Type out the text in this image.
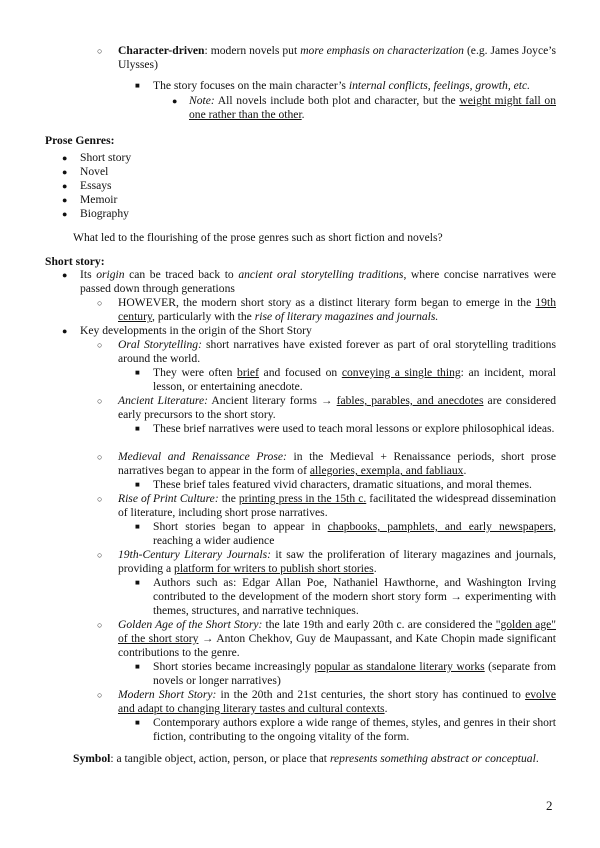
○ Character-driven: modern novels put more emphasis on characterization (e.g. James Joyce’s Ulysses)
■ The story focuses on the main character’s internal conflicts, feelings, growth, etc.
● Note: All novels include both plot and character, but the weight might fall on one rather than the other.
Prose Genres:
● Short story
● Novel
● Essays
● Memoir
● Biography
What led to the flourishing of the prose genres such as short fiction and novels?
Short story:
● Its origin can be traced back to ancient oral storytelling traditions, where concise narratives were passed down through generations
○ HOWEVER, the modern short story as a distinct literary form began to emerge in the 19th century, particularly with the rise of literary magazines and journals.
● Key developments in the origin of the Short Story
○ Oral Storytelling: short narratives have existed forever as part of oral storytelling traditions around the world.
■ They were often brief and focused on conveying a single thing: an incident, moral lesson, or entertaining anecdote.
○ Ancient Literature: Ancient literary forms → fables, parables, and anecdotes are considered early precursors to the short story.
■ These brief narratives were used to teach moral lessons or explore philosophical ideas.
○ Medieval and Renaissance Prose: in the Medieval + Renaissance periods, short prose narratives began to appear in the form of allegories, exempla, and fabliaux.
■ These brief tales featured vivid characters, dramatic situations, and moral themes.
○ Rise of Print Culture: the printing press in the 15th c. facilitated the widespread dissemination of literature, including short prose narratives.
■ Short stories began to appear in chapbooks, pamphlets, and early newspapers, reaching a wider audience
○ 19th-Century Literary Journals: it saw the proliferation of literary magazines and journals, providing a platform for writers to publish short stories.
■ Authors such as: Edgar Allan Poe, Nathaniel Hawthorne, and Washington Irving contributed to the development of the modern short story form → experimenting with themes, structures, and narrative techniques.
○ Golden Age of the Short Story: the late 19th and early 20th c. are considered the "golden age" of the short story → Anton Chekhov, Guy de Maupassant, and Kate Chopin made significant contributions to the genre.
■ Short stories became increasingly popular as standalone literary works (separate from novels or longer narratives)
○ Modern Short Story: in the 20th and 21st centuries, the short story has continued to evolve and adapt to changing literary tastes and cultural contexts.
■ Contemporary authors explore a wide range of themes, styles, and genres in their short fiction, contributing to the ongoing vitality of the form.
Symbol: a tangible object, action, person, or place that represents something abstract or conceptual.
2
